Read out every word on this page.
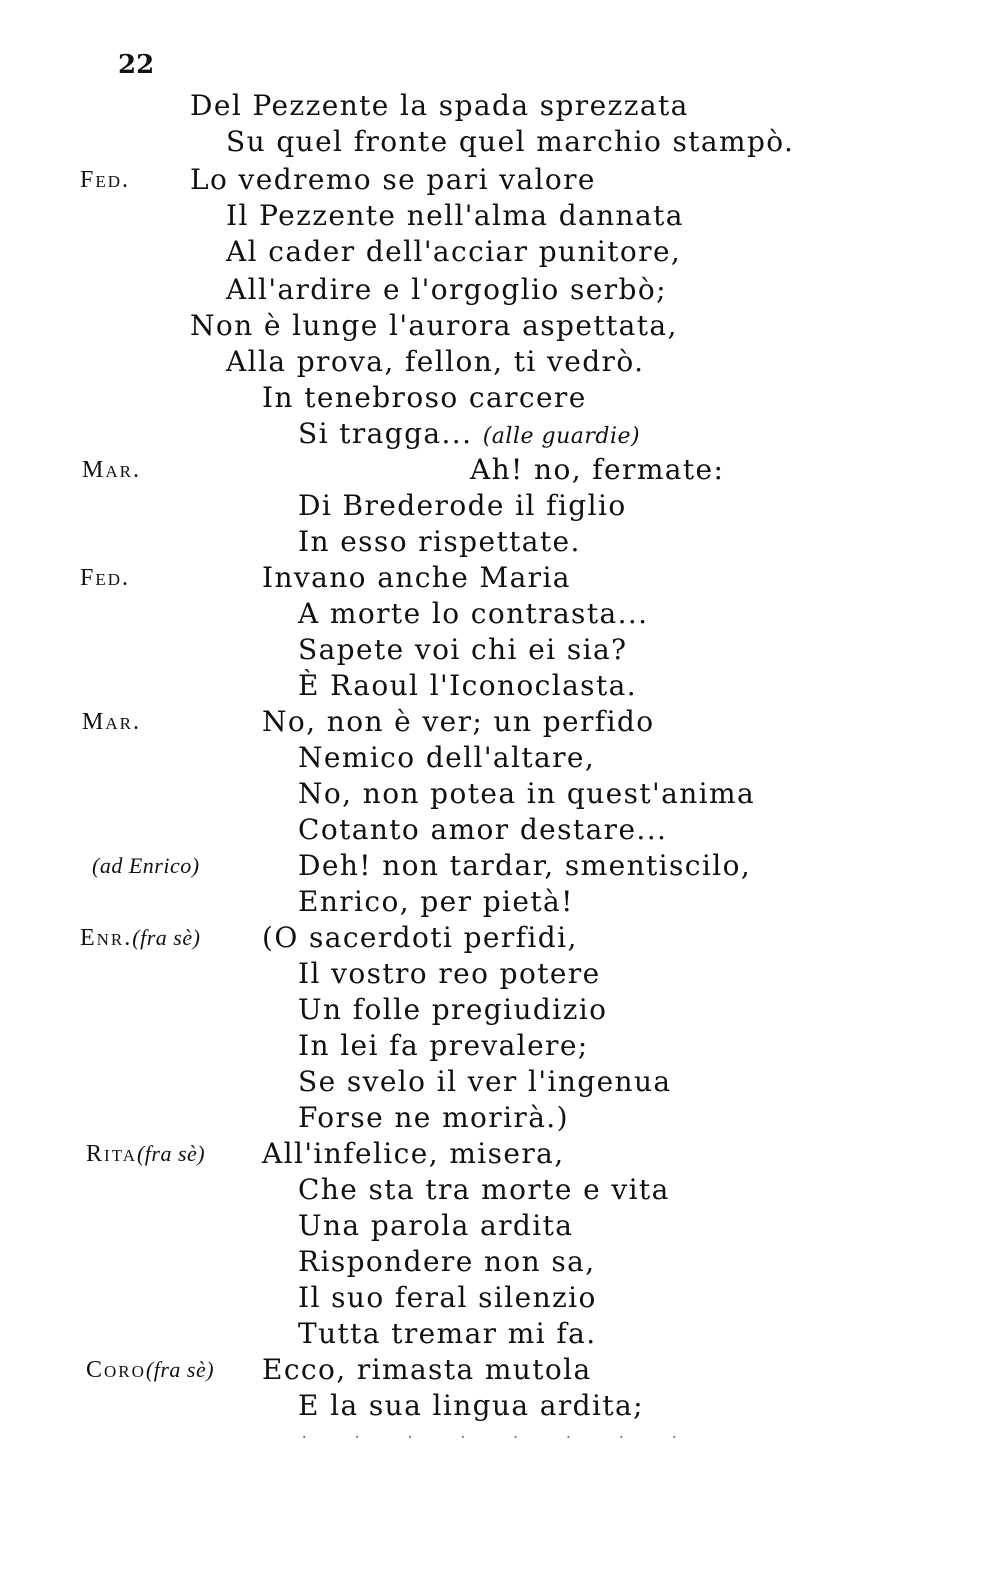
22
Del Pezzente la spada sprezzata
Su quel fronte quel marchio stampò.
Fed. Lo vedremo se pari valore
Il Pezzente nell'alma dannata
Al cader dell'acciar punitore,
All'ardire e l'orgoglio serbò;
Non è lunge l'aurora aspettata,
Alla prova, fellon, ti vedrò.
In tenebroso carcere
Si tragga... (alle guardie)
Mar.	Ah! no, fermate:
Di Brederode il figlio
In esso rispettate.
Fed.	Invano anche Maria
A morte lo contrasta...
Sapete voi chi ei sia?
È Raoul l'Iconoclasta.
Mar.	No, non è ver; un perfido
Nemico dell'altare,
No, non potea in quest'anima
Cotanto amor destare...
(ad Enrico)	Deh! non tardar, smentiscilo,
Enrico, per pietà!
Enr.(fra sè) (O sacerdoti perfidi,
Il vostro reo potere
Un folle pregiudizio
In lei fa prevalere;
Se svelo il ver l'ingenua
Forse ne morirà.)
Rita(fra sè) All'infelice, misera,
Che sta tra morte e vita
Una parola ardita
Rispondere non sa,
Il suo feral silenzio
Tutta tremar mi fa.
Coro(fra sè) Ecco, rimasta mutola
E la sua lingua ardita;
· · · · · · · ·
